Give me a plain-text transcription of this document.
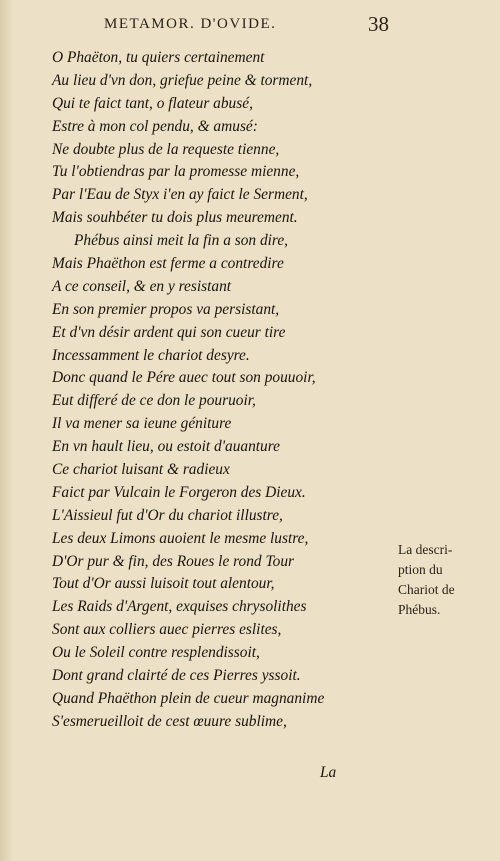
METAMOR. D'OVIDE.	38
O Phaëton, tu quiers certainement
Au lieu d'vn don, griefue peine & torment,
Qui te faict tant, o flateur abusé,
Estre à mon col pendu, & amusé:
Ne doubte plus de la requeste tienne,
Tu l'obtiendras par la promesse mienne,
Par l'Eau de Styx i'en ay faict le Serment,
Mais souhbéter tu dois plus meurement.
Phébus ainsi meit la fin a son dire,
Mais Phaëthon est ferme a contredire
A ce conseil, & en y resistant
En son premier propos va persistant,
Et d'vn désir ardent qui son cueur tire
Incessamment le chariot desyre.
Donc quand le Pére auec tout son pouuoir,
Eut differé de ce don le pouruoir,
Il va mener sa ieune géniture
En vn hault lieu, ou estoit d'auanture
Ce chariot luisant & radieux
Faict par Vulcain le Forgeron des Dieux.
L'Aissieul fut d'Or du chariot illustre,
Les deux Limons auoient le mesme lustre,
D'Or pur & fin, des Roues le rond Tour
Tout d'Or aussi luisoit tout alentour,
Les Raids d'Argent, exquises chrysolithes
Sont aux colliers auec pierres eslites,
Ou le Soleil contre resplendissoit,
Dont grand clairté de ces Pierres yssoit.
Quand Phaëthon plein de cueur magnanime
S'esmerueilloit de cest œuure sublime,
La
La descri-
ption du
Chariot de
Phébus.
